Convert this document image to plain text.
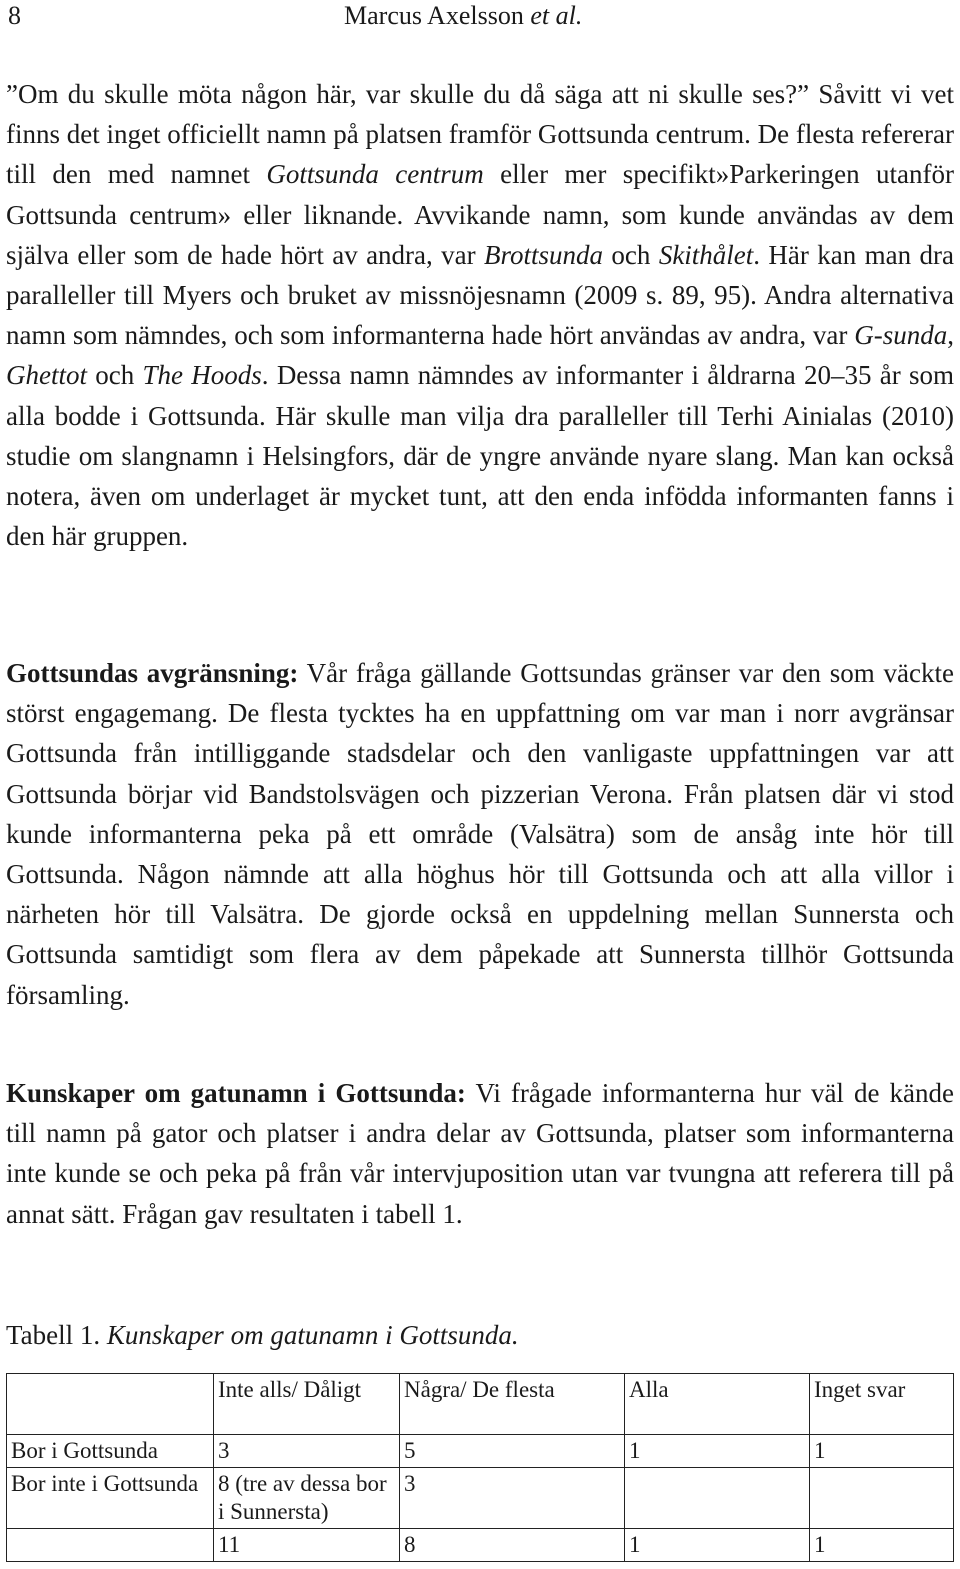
8	Marcus Axelsson et al.
”Om du skulle möta någon här, var skulle du då säga att ni skulle ses?” Såvitt vi vet finns det inget officiellt namn på platsen framför Gottsunda centrum. De flesta refererar till den med namnet Gottsunda centrum eller mer specifikt»Parkeringen utanför Gottsunda centrum» eller liknande. Avvikande namn, som kunde användas av dem själva eller som de hade hört av andra, var Brottsunda och Skithålet. Här kan man dra paralleller till Myers och bruket av missnöjesnamn (2009 s. 89, 95). Andra alternativa namn som nämndes, och som informanterna hade hört användas av andra, var G-sunda, Ghettot och The Hoods. Dessa namn nämndes av informanter i åldrarna 20–35 år som alla bodde i Gottsunda. Här skulle man vilja dra paralleller till Terhi Ainialas (2010) studie om slangnamn i Helsingfors, där de yngre använde nyare slang. Man kan också notera, även om underlaget är mycket tunt, att den enda infödda informanten fanns i den här gruppen.
Gottsundas avgränsning: Vår fråga gällande Gottsundas gränser var den som väckte störst engagemang. De flesta tycktes ha en uppfattning om var man i norr avgränsar Gottsunda från intilliggande stadsdelar och den vanligaste uppfattningen var att Gottsunda börjar vid Bandstolsvägen och pizzerian Verona. Från platsen där vi stod kunde informanterna peka på ett område (Valsätra) som de ansåg inte hör till Gottsunda. Någon nämnde att alla höghus hör till Gottsunda och att alla villor i närheten hör till Valsätra. De gjorde också en uppdelning mellan Sunnersta och Gottsunda samtidigt som flera av dem påpekade att Sunnersta tillhör Gottsunda församling.
Kunskaper om gatunamn i Gottsunda: Vi frågade informanterna hur väl de kände till namn på gator och platser i andra delar av Gottsunda, platser som informanterna inte kunde se och peka på från vår intervjuposition utan var tvungna att referera till på annat sätt. Frågan gav resultaten i tabell 1.
Tabell 1. Kunskaper om gatunamn i Gottsunda.
	Inte alls/ Dåligt	Några/ De flesta	Alla	Inget svar
Bor i Gottsunda	3	5	1	1
Bor inte i Gottsunda	8 (tre av dessa bor i Sunnersta)	3		
	11	8	1	1
